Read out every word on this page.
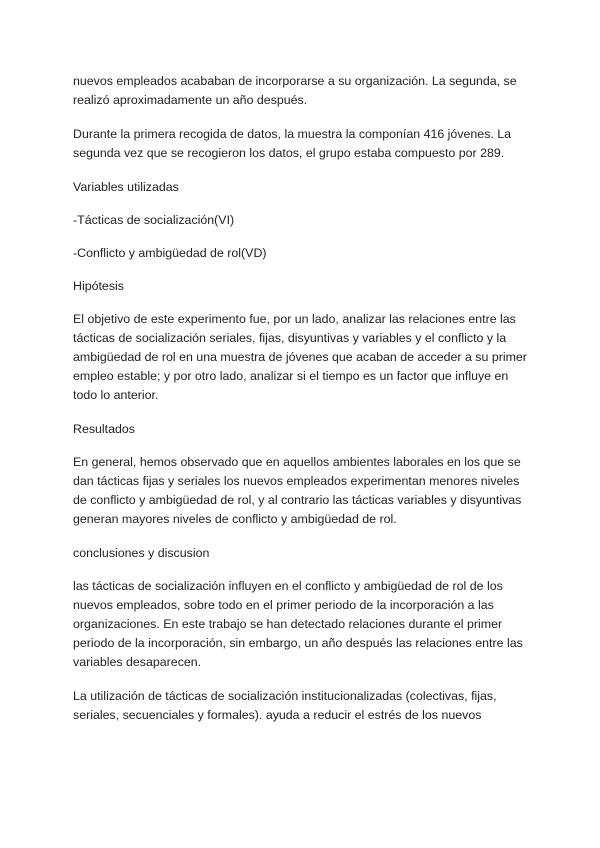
nuevos empleados acababan de incorporarse a su organización. La segunda, se realizó aproximadamente un año después.

Durante la primera recogida de datos, la muestra la componían 416 jóvenes. La segunda vez que se recogieron los datos, el grupo estaba compuesto por 289.

Variables utilizadas

-Tácticas de socialización(VI)

-Conflicto y ambigüedad de rol(VD)

Hipótesis

El objetivo de este experimento fue, por un lado, analizar las relaciones entre las tácticas de socialización seriales, fijas, disyuntivas y variables y el conflicto y la ambigüedad de rol en una muestra de jóvenes que acaban de acceder a su primer empleo estable; y por otro lado, analizar si el tiempo es un factor que influye en todo lo anterior.

Resultados

En general, hemos observado que en aquellos ambientes laborales en los que se dan tácticas fijas y seriales los nuevos empleados experimentan menores niveles de conflicto y ambigüedad de rol, y al contrario las tácticas variables y disyuntivas generan mayores niveles de conflicto y ambigüedad de rol.

conclusiones y discusion

las tácticas de socialización influyen en el conflicto y ambigüedad de rol de los nuevos empleados, sobre todo en el primer periodo de la incorporación a las organizaciones. En este trabajo se han detectado relaciones durante el primer periodo de la incorporación, sin embargo, un año después las relaciones entre las variables desaparecen.

La utilización de tácticas de socialización institucionalizadas (colectivas, fijas, seriales, secuenciales y formales). ayuda a reducir el estrés de los nuevos
